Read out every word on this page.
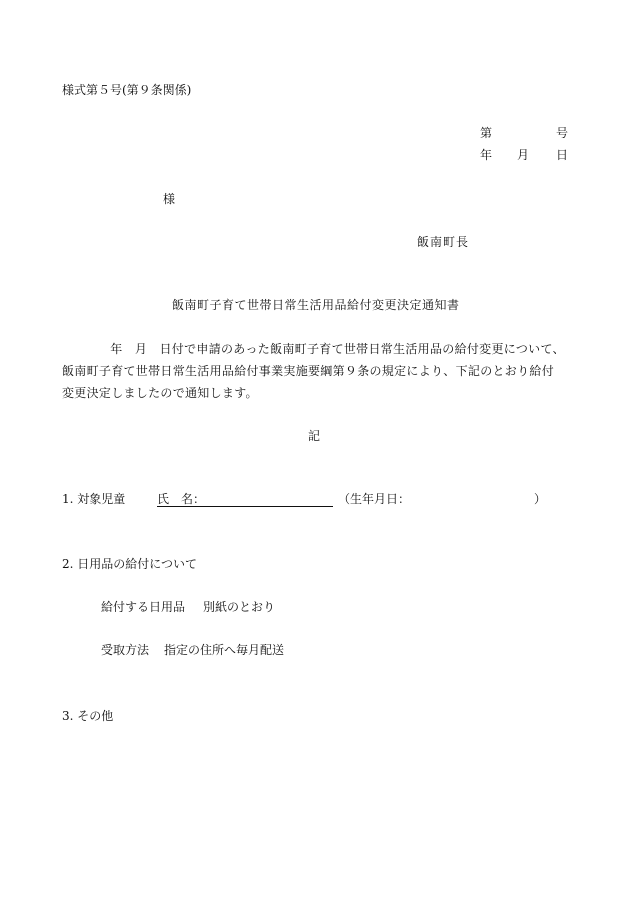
様式第５号(第９条関係)
第	号
年 月 日
様
飯南町長
飯南町子育て世帯日常生活用品給付変更決定通知書
　年　月　日付で申請のあった飯南町子育て世帯日常生活用品の給付変更について、
飯南町子育て世帯日常生活用品給付事業実施要綱第９条の規定により、下記のとおり給付
変更決定しましたので通知します。
記
1. 対象児童	氏　名：	（生年月日：	）
2. 日用品の給付について
給付する日用品 別紙のとおり
受取方法 指定の住所へ毎月配送
3. その他
